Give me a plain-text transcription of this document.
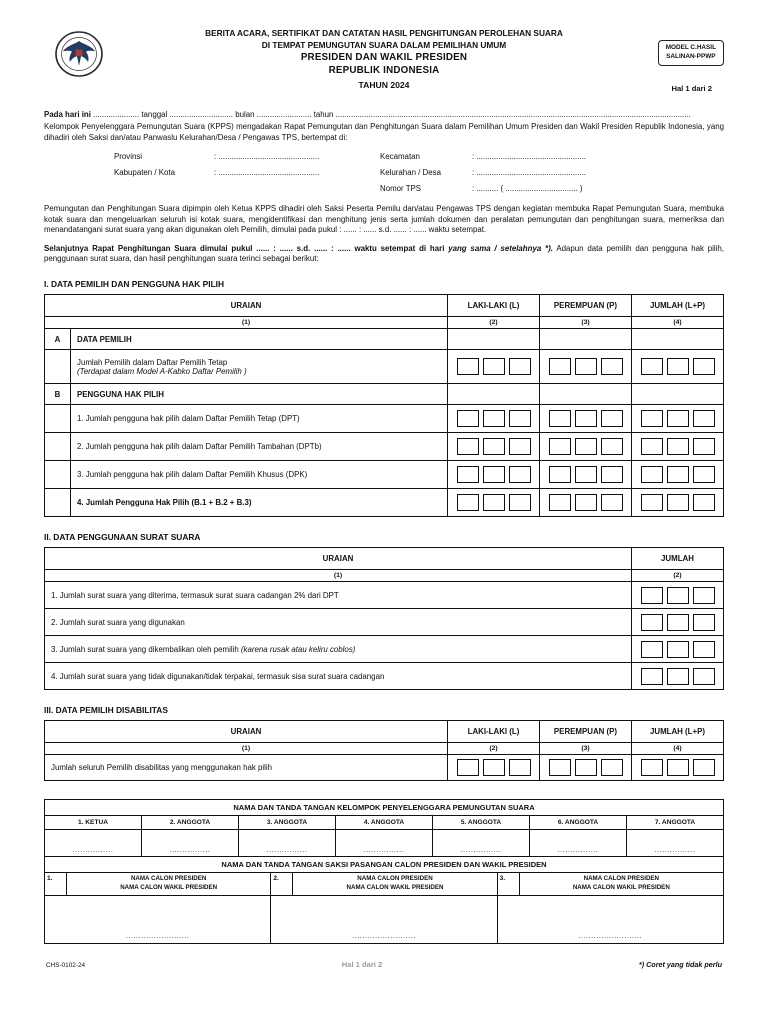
BERITA ACARA, SERTIFIKAT DAN CATATAN HASIL PENGHITUNGAN PEROLEHAN SUARA
DI TEMPAT PEMUNGUTAN SUARA DALAM PEMILIHAN UMUM
PRESIDEN DAN WAKIL PRESIDEN
REPUBLIK INDONESIA
TAHUN 2024
MODEL C.HASIL
SALINAN-PPWP
Hal 1 dari 2
Pada hari ini ..................... tanggal ............................. bulan ......................... tahun ..................................................................................................................................................................
Kelompok Penyelenggara Pemungutan Suara (KPPS) mengadakan Rapat Pemungutan dan Penghitungan Suara dalam Pemilihan Umum Presiden dan Wakil Presiden Republik Indonesia, yang dihadiri oleh Saksi dan/atau Panwaslu Kelurahan/Desa / Pengawas TPS, bertempat di:
Provinsi	: ..............................................	Kecamatan	: ..................................................
Kabupaten / Kota	: ..............................................	Kelurahan / Desa	: ..................................................
Nomor TPS	: .......... ( ................................. )
Pemungutan dan Penghitungan Suara dipimpin oleh Ketua KPPS dihadiri oleh Saksi Peserta Pemilu dan/atau Pengawas TPS dengan kegiatan membuka Rapat Pemungutan Suara, membuka kotak suara dan mengeluarkan seluruh isi kotak suara, mengidentifikasi dan menghitung jenis serta jumlah dokumen dan peralatan pemungutan dan penghitungan suara, memeriksa dan menandatangani surat suara yang akan digunakan oleh Pemilih, dimulai pada pukul : ...... : ...... s.d. ...... : ...... waktu setempat.
Selanjutnya Rapat Penghitungan Suara dimulai pukul ...... : ...... s.d. ...... : ...... waktu setempat di hari yang sama / setelahnya *). Adapun data pemilih dan pengguna hak pilih, penggunaan surat suara, dan hasil penghitungan suara terinci sebagai berikut:
I. DATA PEMILIH DAN PENGGUNA HAK PILIH
URAIAN		LAKI-LAKI (L)	PEREMPUAN (P)	JUMLAH (L+P)
(1)		(2)	(3)	(4)
A	DATA PEMILIH			

	Jumlah Pemilih dalam Daftar Pemilih Tetap
(Terdapat dalam Model A-Kabko Daftar Pemilih )			

B	PENGGUNA HAK PILIH			
	1. Jumlah pengguna hak pilih dalam Daftar Pemilih Tetap (DPT)	

	2. Jumlah pengguna hak pilih dalam Daftar Pemilih Tambahan (DPTb)	

	3. Jumlah pengguna hak pilih dalam Daftar Pemilih Khusus (DPK)	

	4. Jumlah Pengguna Hak Pilih (B.1 + B.2 + B.3)	

II. DATA PENGGUNAAN SURAT SUARA
URAIAN	JUMLAH
(1)	(2)
1. Jumlah surat suara yang diterima, termasuk surat suara cadangan 2% dari DPT	

2. Jumlah surat suara yang digunakan	

3. Jumlah surat suara yang dikembalikan oleh pemilih (karena rusak atau keliru coblos)	

4. Jumlah surat suara yang tidak digunakan/tidak terpakai, termasuk sisa surat suara cadangan	
III. DATA PEMILIH DISABILITAS
URAIAN	LAKI-LAKI (L)	PEREMPUAN (P)	JUMLAH (L+P)
(1)	(2)	(3)	(4)
Jumlah seluruh Pemilih disabilitas yang menggunakan hak pilih	

NAMA DAN TANDA TANGAN KELOMPOK PENYELENGGARA PEMUNGUTAN SUARA						
1. KETUA	2. ANGGOTA	3. ANGGOTA	4. ANGGOTA	5. ANGGOTA	6. ANGGOTA	7. ANGGOTA
................	................	................	................	................	................	................
NAMA DAN TANDA TANGAN SAKSI PASANGAN CALON PRESIDEN DAN WAKIL PRESIDEN					
1.	NAMA CALON PRESIDEN
NAMA CALON WAKIL PRESIDEN
	2.	NAMA CALON PRESIDEN
NAMA CALON WAKIL PRESIDEN
	3.	NAMA CALON PRESIDEN
NAMA CALON WAKIL PRESIDEN

.........................		.........................		.........................	
CHS-0102-24	Hal 1 dari 2	*) Coret yang tidak perlu
